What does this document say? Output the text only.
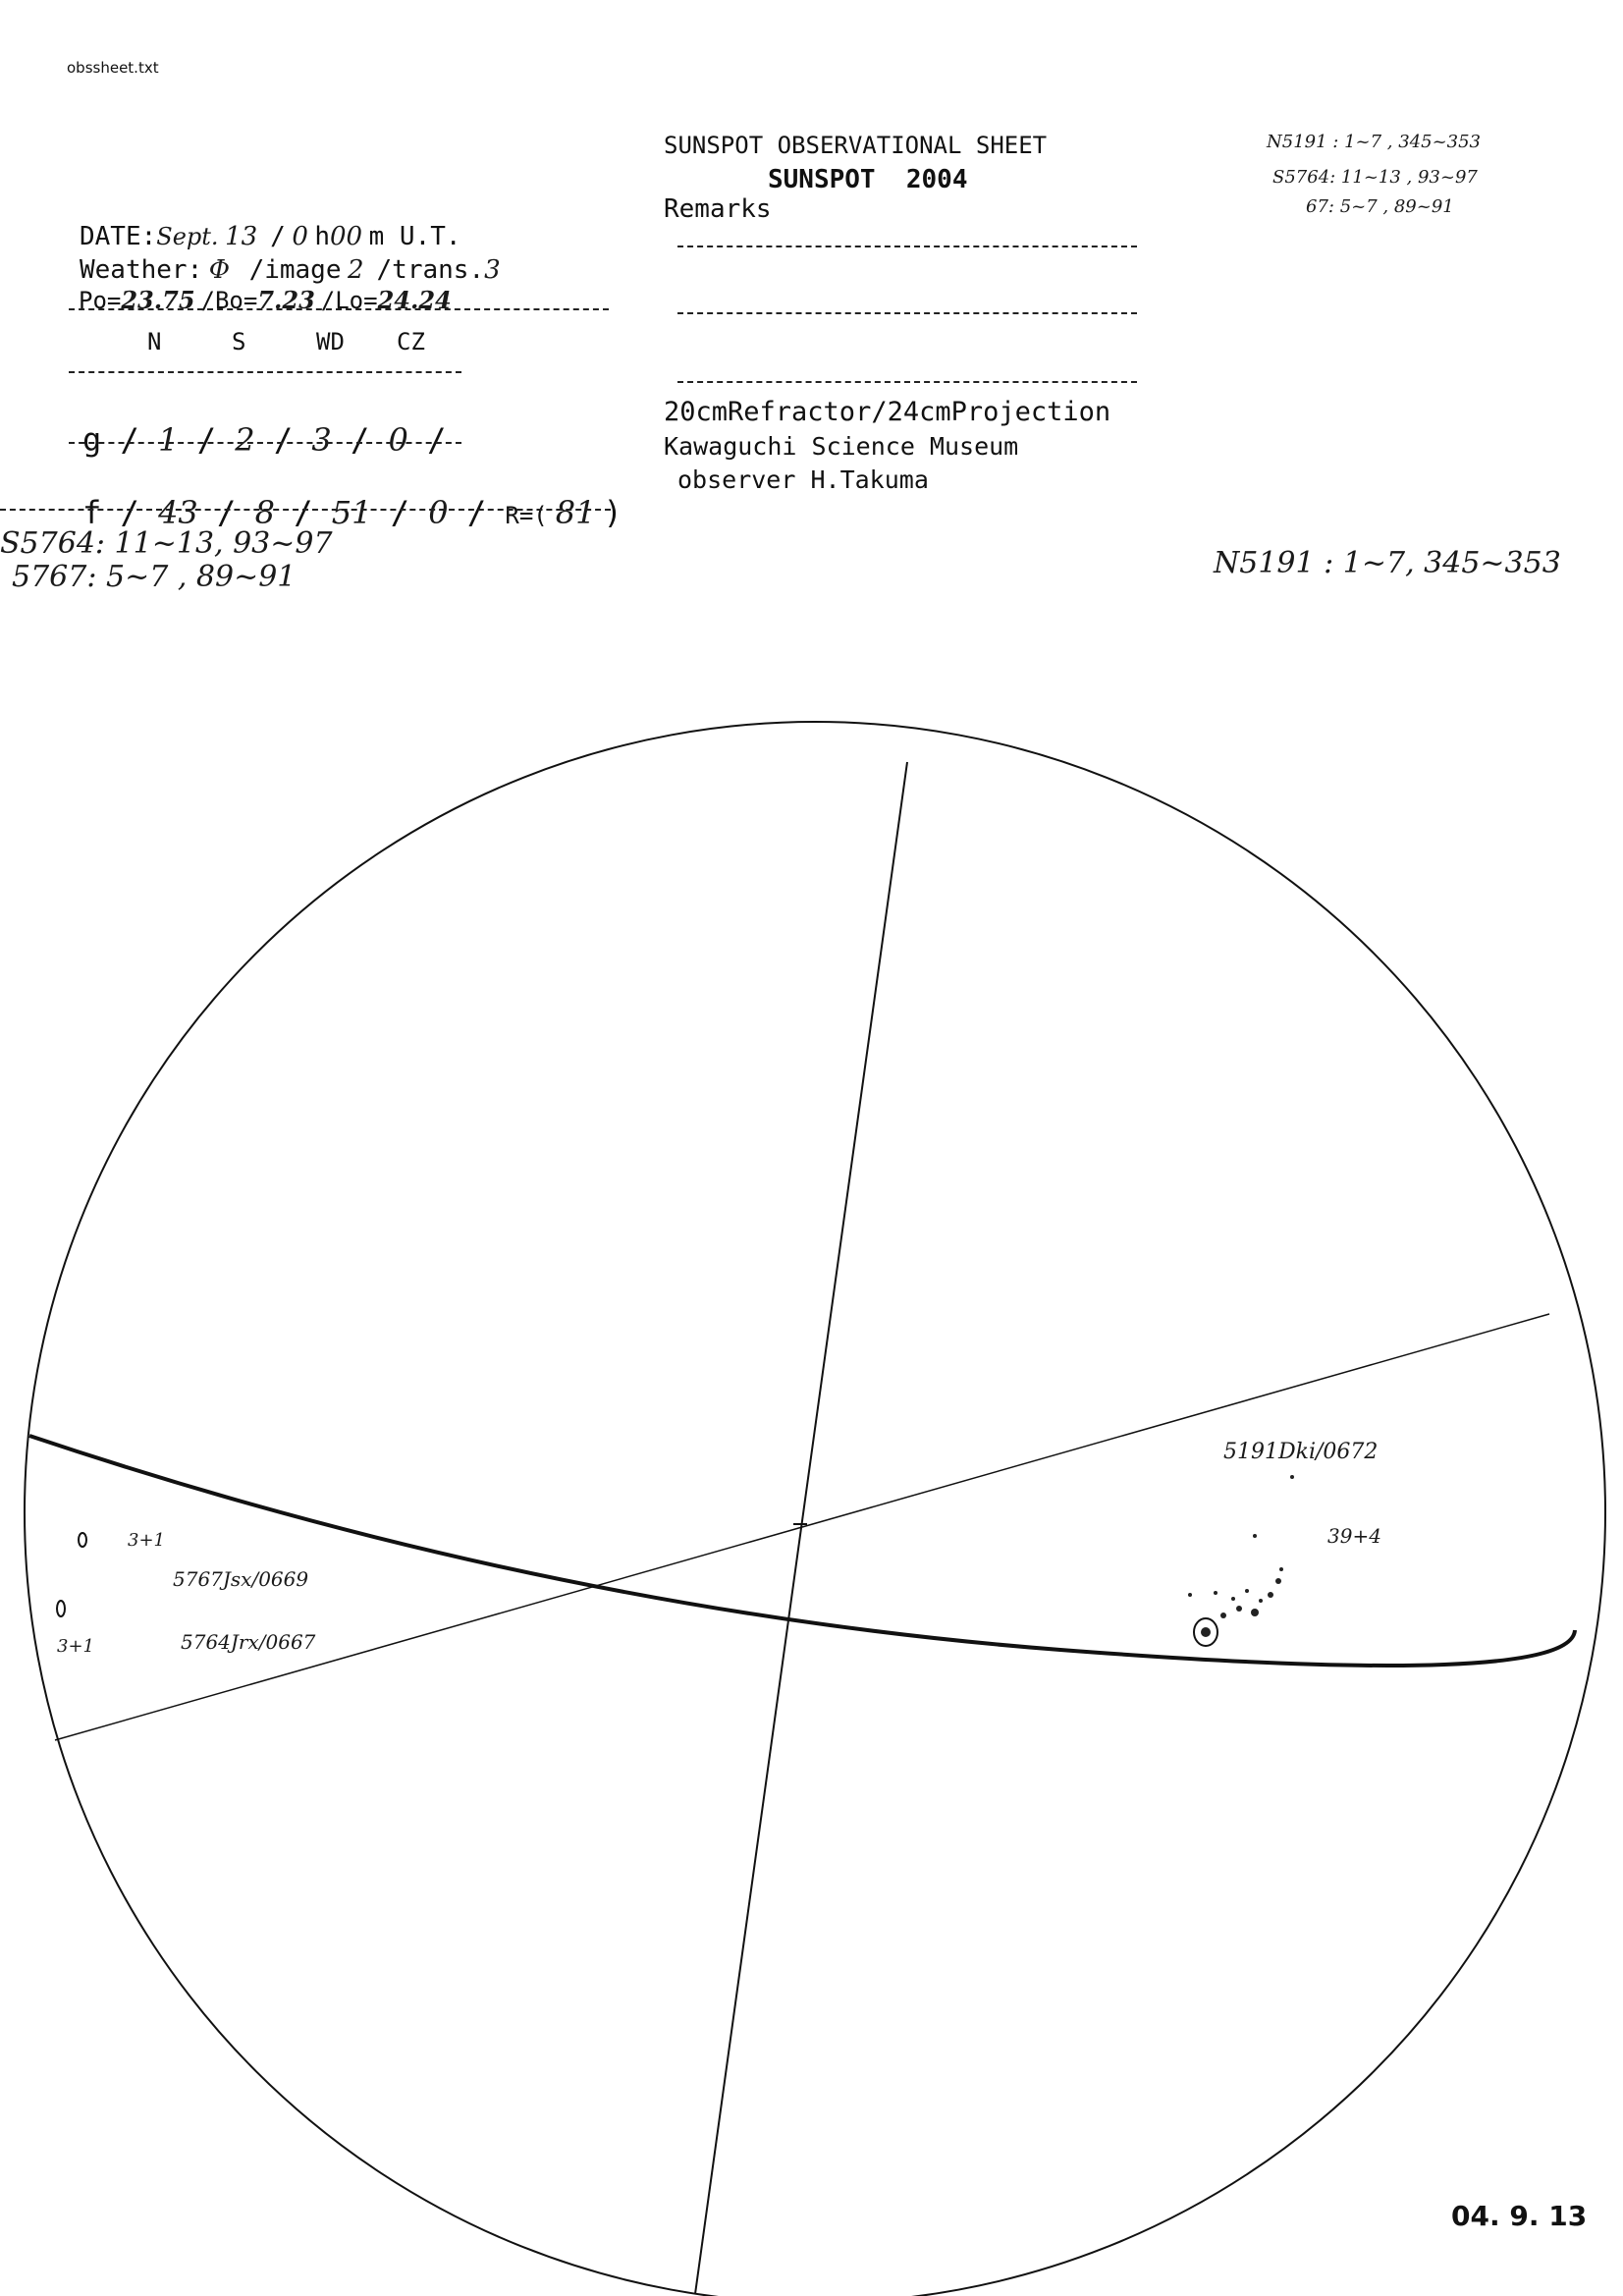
obssheet.txt
SUNSPOT OBSERVATIONAL SHEET
SUNSPOT  2004
Remarks
20cmRefractor/24cmProjection
Kawaguchi Science Museum
observer H.Takuma

DATE:Sept. 13 / 0 h00 m U.T.

Weather: Φ /image 2 /trans.3

Po=23.75 /Bo=7.23 /Lo=24.24

N	S	WD CZ

g / 1 / 2 / 3 / 0 /

f / 43 / 8 / 51 / 0 / R=( 81 )

S5764: 11~13, 93~97
5767: 5~7 , 89~91
N5191 : 1~7 , 345~353
S5764: 11~13 , 93~97
67: 5~7 , 89~91
N5191 : 1~7, 345~353
5191Dki/0672
39+4
5767Jsx/0669
3+1
5764Jrx/0667
3+1
04. 9. 13
